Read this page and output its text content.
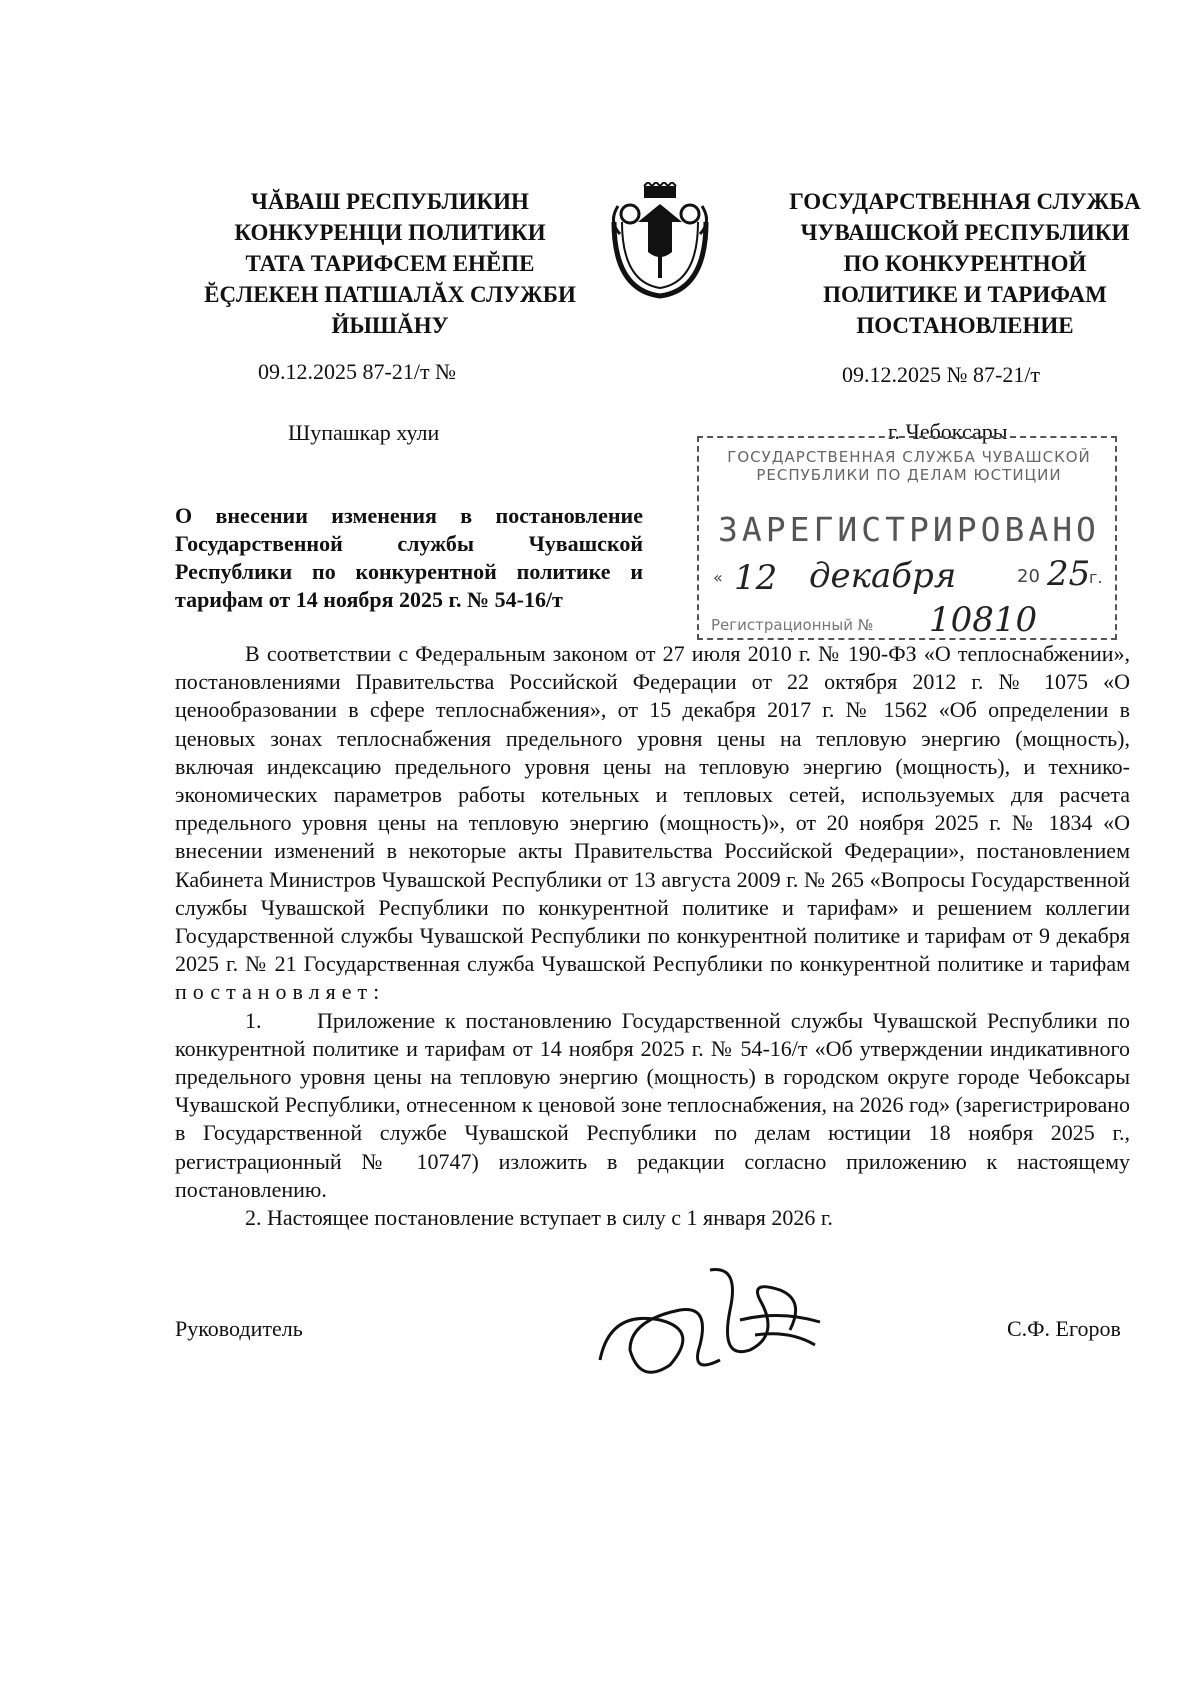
ЧĂВАШ РЕСПУБЛИКИН
КОНКУРЕНЦИ ПОЛИТИКИ
ТАТА ТАРИФСЕМ ЕНĔПЕ
ĔÇЛЕКЕН ПАТШАЛĂХ СЛУЖБИ
ЙЫШĂНУ
ГОСУДАРСТВЕННАЯ СЛУЖБА
ЧУВАШСКОЙ РЕСПУБЛИКИ
ПО КОНКУРЕНТНОЙ
ПОЛИТИКЕ И ТАРИФАМ
ПОСТАНОВЛЕНИЕ
09.12.2025 87-21/т №	09.12.2025 № 87-21/т
Шупашкар хули	г. Чебоксары
О внесении изменения в постановление
Государственной службы Чувашской
Республики по конкурентной политике и
тарифам от 14 ноября 2025 г. № 54-16/т
ГОСУДАРСТВЕННАЯ СЛУЖБА ЧУВАШСКОЙ
РЕСПУБЛИКИ ПО ДЕЛАМ ЮСТИЦИИ
ЗАРЕГИСТРИРОВАНО
« 12 декабря	20 25
г.
Регистрационный № 10810

В соответствии с Федеральным законом от 27 июля 2010 г. № 190-ФЗ «О теплоснабжении», постановлениями Правительства Российской Федерации от 22 октября 2012 г. № 1075 «О ценообразовании в сфере теплоснабжения», от 15 декабря 2017 г. № 1562 «Об определении в ценовых зонах теплоснабжения предельного уровня цены на тепловую энергию (мощность), включая индексацию предельного уровня цены на тепловую энергию (мощность), и технико-экономических параметров работы котельных и тепловых сетей, используемых для расчета предельного уровня цены на тепловую энергию (мощность)», от 20 ноября 2025 г. № 1834 «О внесении изменений в некоторые акты Правительства Российской Федерации», постановлением Кабинета Министров Чувашской Республики от 13 августа 2009 г. № 265 «Вопросы Государственной службы Чувашской Республики по конкурентной политике и тарифам» и решением коллегии Государственной службы Чувашской Республики по конкурентной политике и тарифам от 9 декабря 2025 г. № 21 Государственная служба Чувашской Республики по конкурентной политике и тарифам постановляет:

1.	Приложение к постановлению Государственной службы Чувашской Республики по конкурентной политике и тарифам от 14 ноября 2025 г. № 54-16/т «Об утверждении индикативного предельного уровня цены на тепловую энергию (мощность) в городском округе городе Чебоксары Чувашской Республики, отнесенном к ценовой зоне теплоснабжения, на 2026 год» (зарегистрировано в Государственной службе Чувашской Республики по делам юстиции 18 ноября 2025 г., регистрационный № 10747) изложить в редакции согласно приложению к настоящему постановлению.

2. Настоящее постановление вступает в силу с 1 января 2026 г.

Руководитель	С.Ф. Егоров
